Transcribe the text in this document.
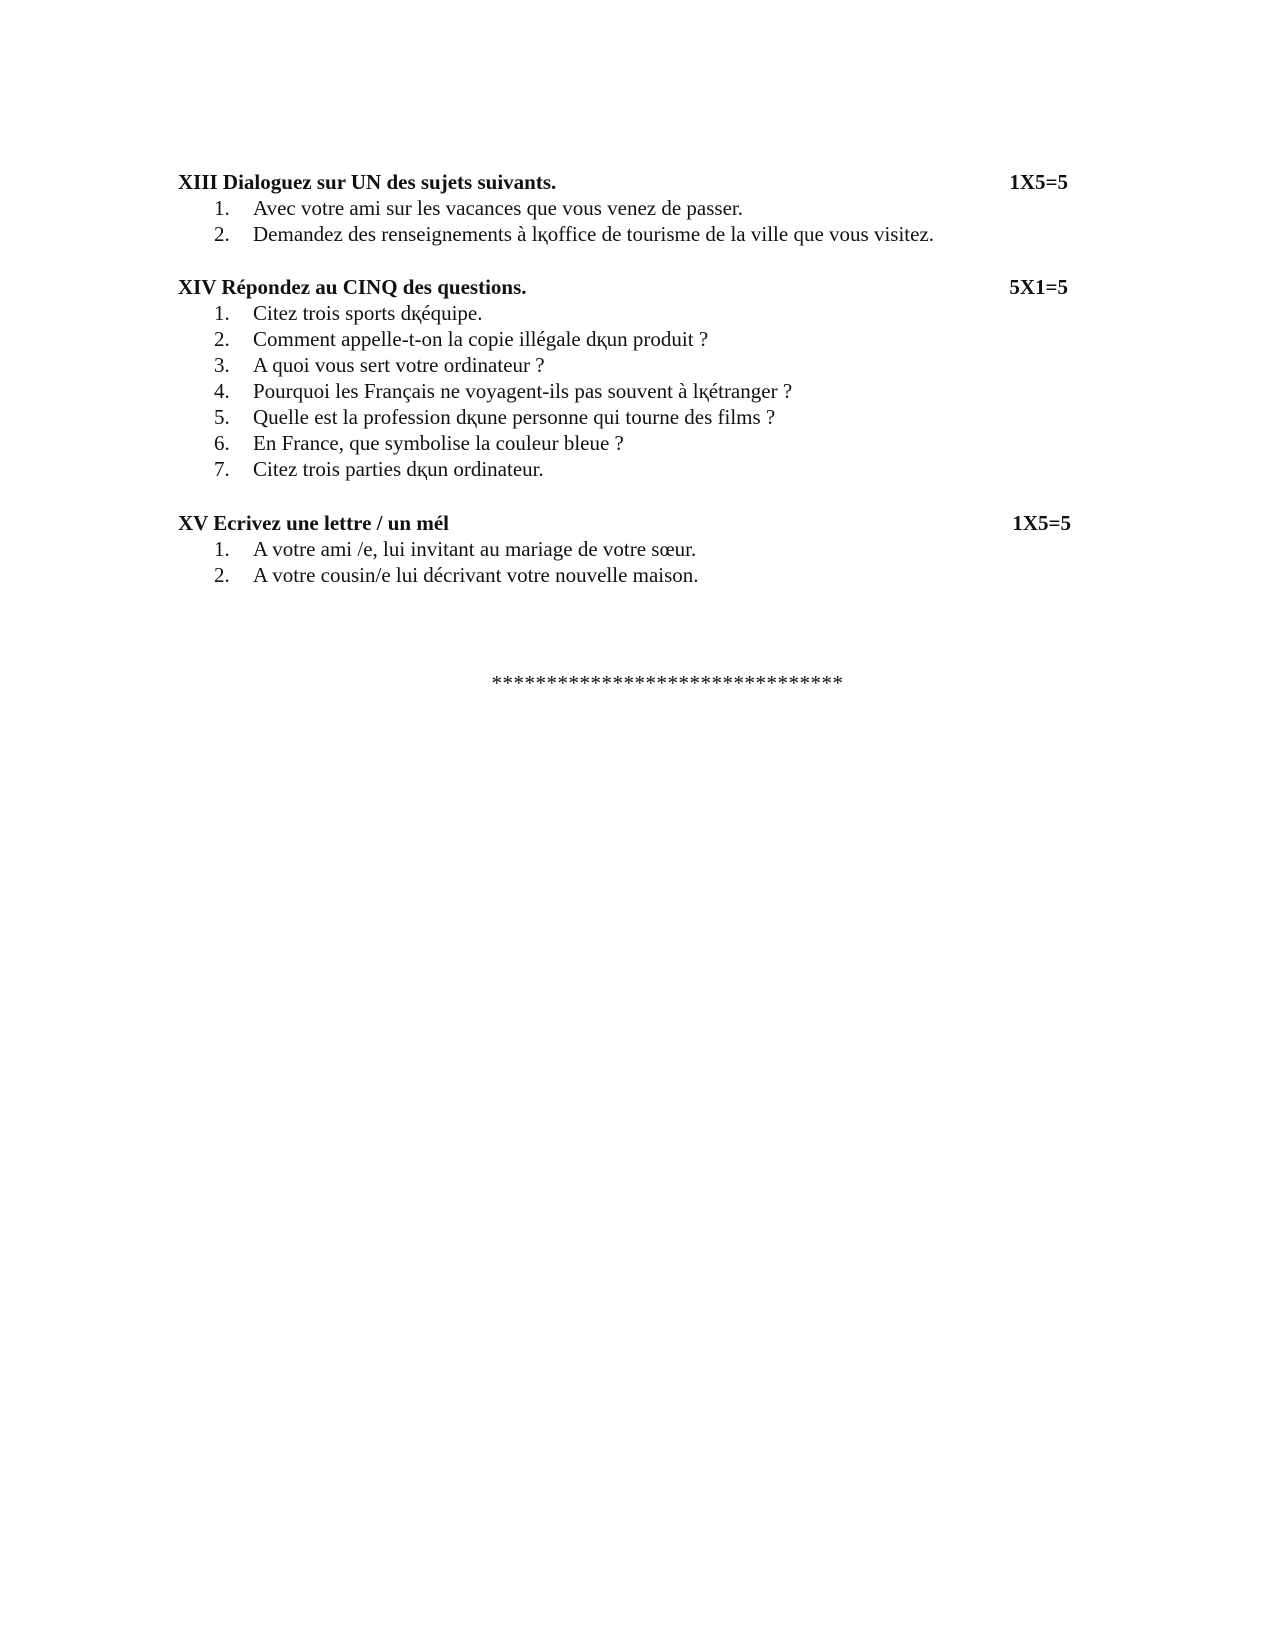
XIII Dialoguez sur UN des sujets suivants.	1X5=5
1. Avec votre ami sur les vacances que vous venez de passer.
2. Demandez des renseignements à lқoffice de tourisme de la ville que vous visitez.
XIV Répondez au CINQ des questions.	5X1=5
1. Citez trois sports dқéquipe.
2. Comment appelle-t-on la copie illégale dқun produit ?
3. A quoi vous sert votre ordinateur ?
4. Pourquoi les Français ne voyagent-ils pas souvent à lқétranger ?
5. Quelle est la profession dқune personne qui tourne des films ?
6. En France, que symbolise la couleur bleue ?
7. Citez trois parties dқun ordinateur.
XV Ecrivez une lettre / un mél	1X5=5
1. A votre ami /e, lui invitant au mariage de votre sœur.
2. A votre cousin/e lui décrivant votre nouvelle maison.
********************************
